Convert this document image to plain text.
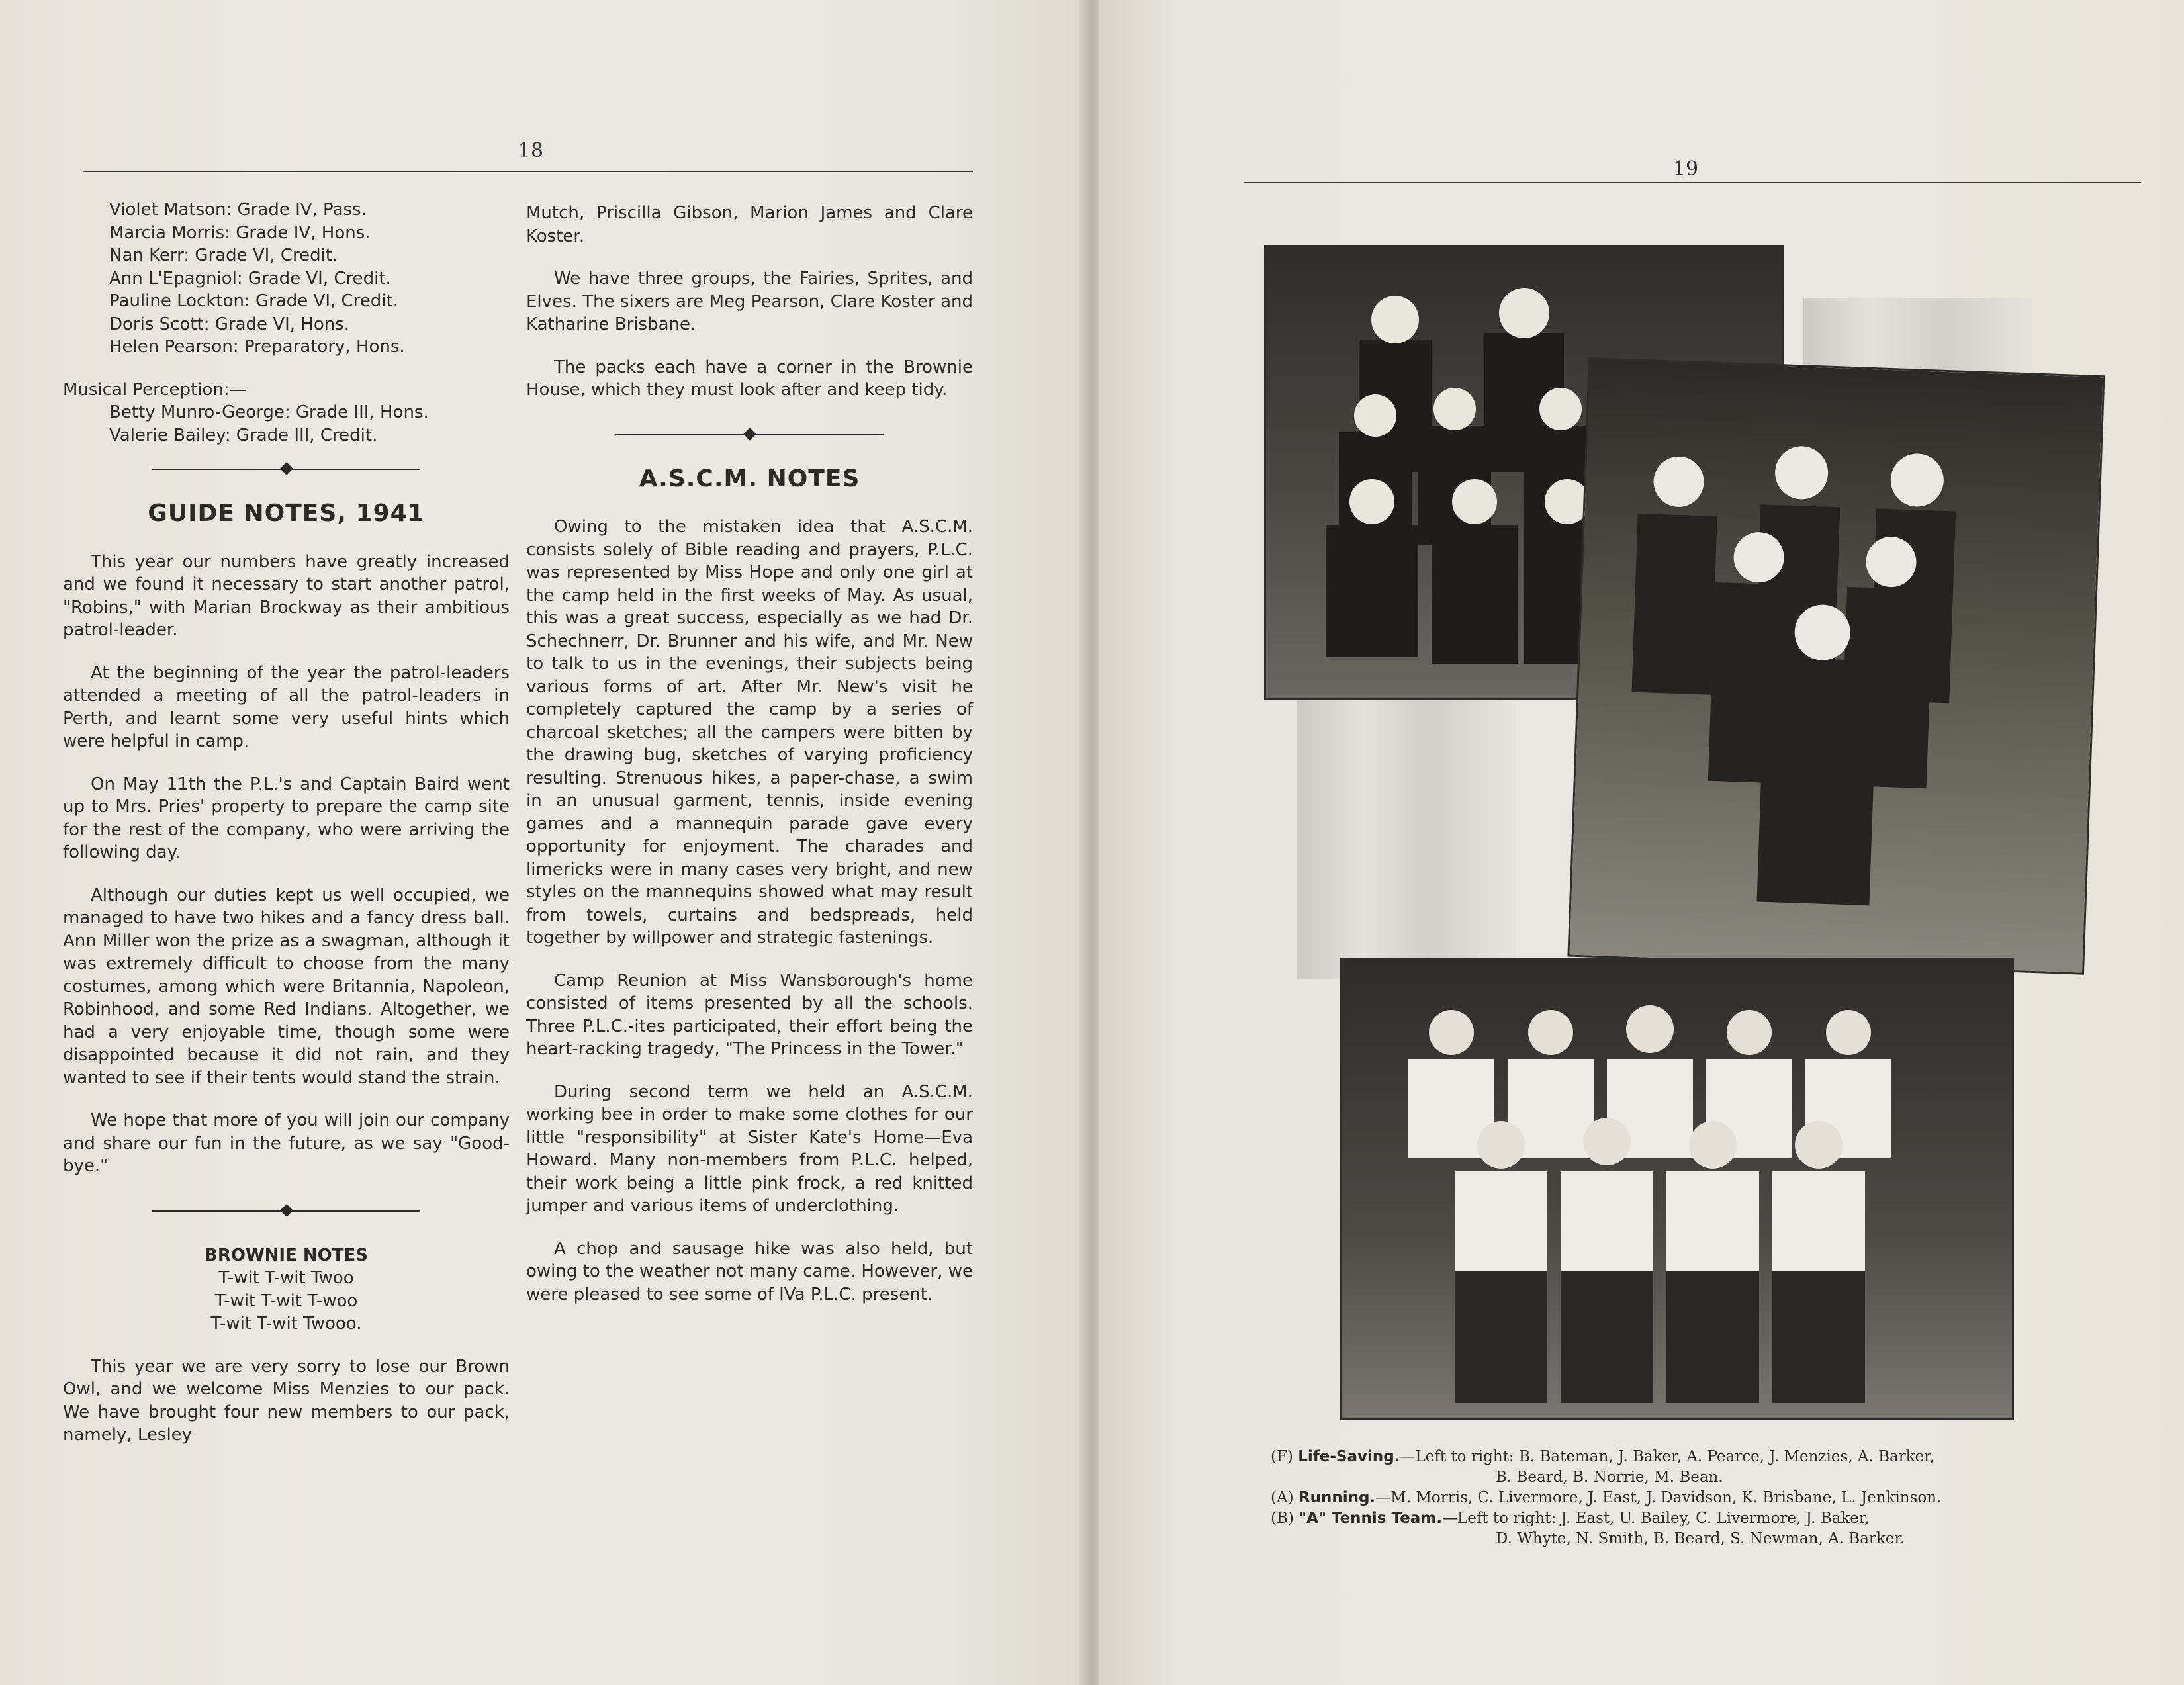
18
Violet Matson: Grade IV, Pass.
Marcia Morris: Grade IV, Hons.
Nan Kerr: Grade VI, Credit.
Ann L'Epagniol: Grade VI, Credit.
Pauline Lockton: Grade VI, Credit.
Doris Scott: Grade VI, Hons.
Helen Pearson: Preparatory, Hons.
Musical Perception:—
Betty Munro-George: Grade III, Hons.
Valerie Bailey: Grade III, Credit.
GUIDE NOTES, 1941

This year our numbers have greatly increased and we found it necessary to start another patrol, "Robins," with Marian Brockway as their ambitious patrol-leader.

At the beginning of the year the patrol-leaders attended a meeting of all the patrol-leaders in Perth, and learnt some very useful hints which were helpful in camp.

On May 11th the P.L.'s and Captain Baird went up to Mrs. Pries' property to prepare the camp site for the rest of the company, who were arriving the following day.

Although our duties kept us well occupied, we managed to have two hikes and a fancy dress ball. Ann Miller won the prize as a swagman, although it was extremely difficult to choose from the many costumes, among which were Britannia, Napoleon, Robinhood, and some Red Indians. Altogether, we had a very enjoyable time, though some were disappointed because it did not rain, and they wanted to see if their tents would stand the strain.

We hope that more of you will join our company and share our fun in the future, as we say "Good-bye."

BROWNIE NOTES
T-wit T-wit Twoo
T-wit T-wit T-woo
T-wit T-wit Twooo.

This year we are very sorry to lose our Brown Owl, and we welcome Miss Menzies to our pack. We have brought four new members to our pack, namely, Lesley

Mutch, Priscilla Gibson, Marion James and Clare Koster.

We have three groups, the Fairies, Sprites, and Elves. The sixers are Meg Pearson, Clare Koster and Katharine Brisbane.

The packs each have a corner in the Brownie House, which they must look after and keep tidy.

A.S.C.M. NOTES

Owing to the mistaken idea that A.S.C.M. consists solely of Bible reading and prayers, P.L.C. was represented by Miss Hope and only one girl at the camp held in the first weeks of May. As usual, this was a great success, especially as we had Dr. Schechnerr, Dr. Brunner and his wife, and Mr. New to talk to us in the evenings, their subjects being various forms of art. After Mr. New's visit he completely captured the camp by a series of charcoal sketches; all the campers were bitten by the drawing bug, sketches of varying proficiency resulting. Strenuous hikes, a paper-chase, a swim in an unusual garment, tennis, inside evening games and a mannequin parade gave every opportunity for enjoyment. The charades and limericks were in many cases very bright, and new styles on the mannequins showed what may result from towels, curtains and bedspreads, held together by willpower and strategic fastenings.

Camp Reunion at Miss Wansborough's home consisted of items presented by all the schools. Three P.L.C.-ites participated, their effort being the heart-racking tragedy, "The Princess in the Tower."

During second term we held an A.S.C.M. working bee in order to make some clothes for our little "responsibility" at Sister Kate's Home—Eva Howard. Many non-members from P.L.C. helped, their work being a little pink frock, a red knitted jumper and various items of underclothing.

A chop and sausage hike was also held, but owing to the weather not many came. However, we were pleased to see some of IVa P.L.C. present.

19
(F) Life-Saving.—Left to right: B. Bateman, J. Baker, A. Pearce, J. Menzies, A. Barker,
B. Beard, B. Norrie, M. Bean.
(A) Running.—M. Morris, C. Livermore, J. East, J. Davidson, K. Brisbane, L. Jenkinson.
(B) "A" Tennis Team.—Left to right: J. East, U. Bailey, C. Livermore, J. Baker,
D. Whyte, N. Smith, B. Beard, S. Newman, A. Barker.
